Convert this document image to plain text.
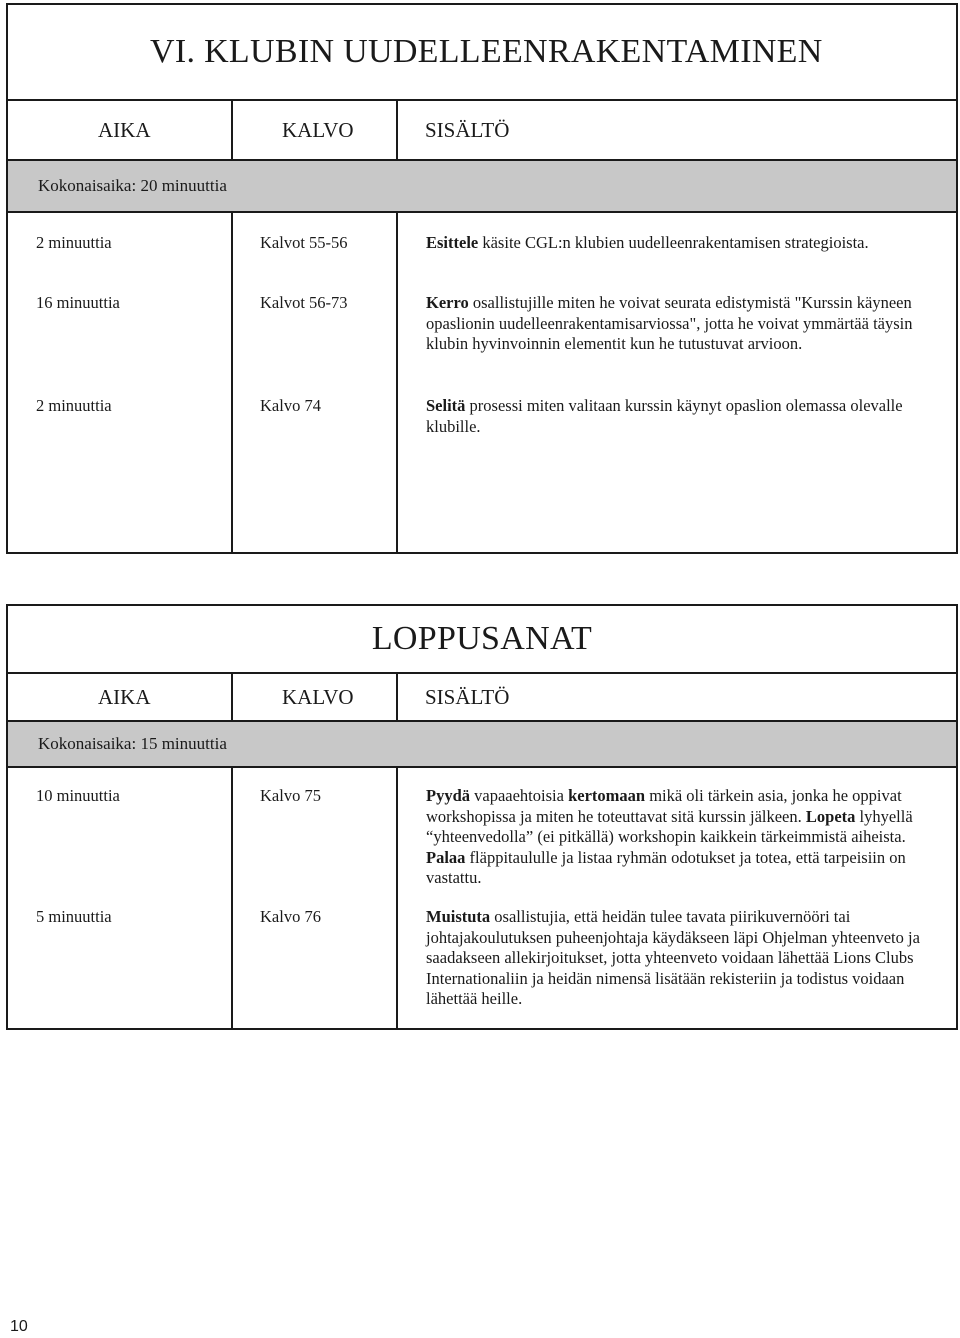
VI. KLUBIN UUDELLEENRAKENTAMINEN
AIKA	KALVO	SISÄLTÖ
Kokonaisaika: 20 minuuttia
2 minuuttia	Kalvot 55-56	Esittele käsite CGL:n klubien uudelleenrakentamisen strategioista.
16 minuuttia	Kalvot 56-73	Kerro osallistujille miten he voivat seurata edistymistä "Kurssin käyneen opaslionin uudelleenrakentamisarviossa", jotta he voivat ymmärtää täysin klubin hyvinvoinnin elementit kun he tutustuvat arvioon.
2 minuuttia	Kalvo 74	Selitä prosessi miten valitaan kurssin käynyt opaslion olemassa olevalle klubille.
LOPPUSANAT
AIKA	KALVO	SISÄLTÖ
Kokonaisaika: 15 minuuttia
10 minuuttia	Kalvo 75	Pyydä vapaaehtoisia kertomaan mikä oli tärkein asia, jonka he oppivat workshopissa ja miten he toteuttavat sitä kurssin jälkeen. Lopeta lyhyellä “yhteenvedolla” (ei pitkällä) workshopin kaikkein tärkeimmistä aiheista. Palaa fläppitaululle ja listaa ryhmän odotukset ja totea, että tarpeisiin on vastattu.
5 minuuttia	Kalvo 76	Muistuta osallistujia, että heidän tulee tavata piirikuvernööri tai johtajakoulutuksen puheenjohtaja käydäkseen läpi Ohjelman yhteenveto ja saadakseen allekirjoitukset, jotta yhteenveto voidaan lähettää Lions Clubs Internationaliin ja heidän nimensä lisätään rekisteriin ja todistus voidaan lähettää heille.
10
